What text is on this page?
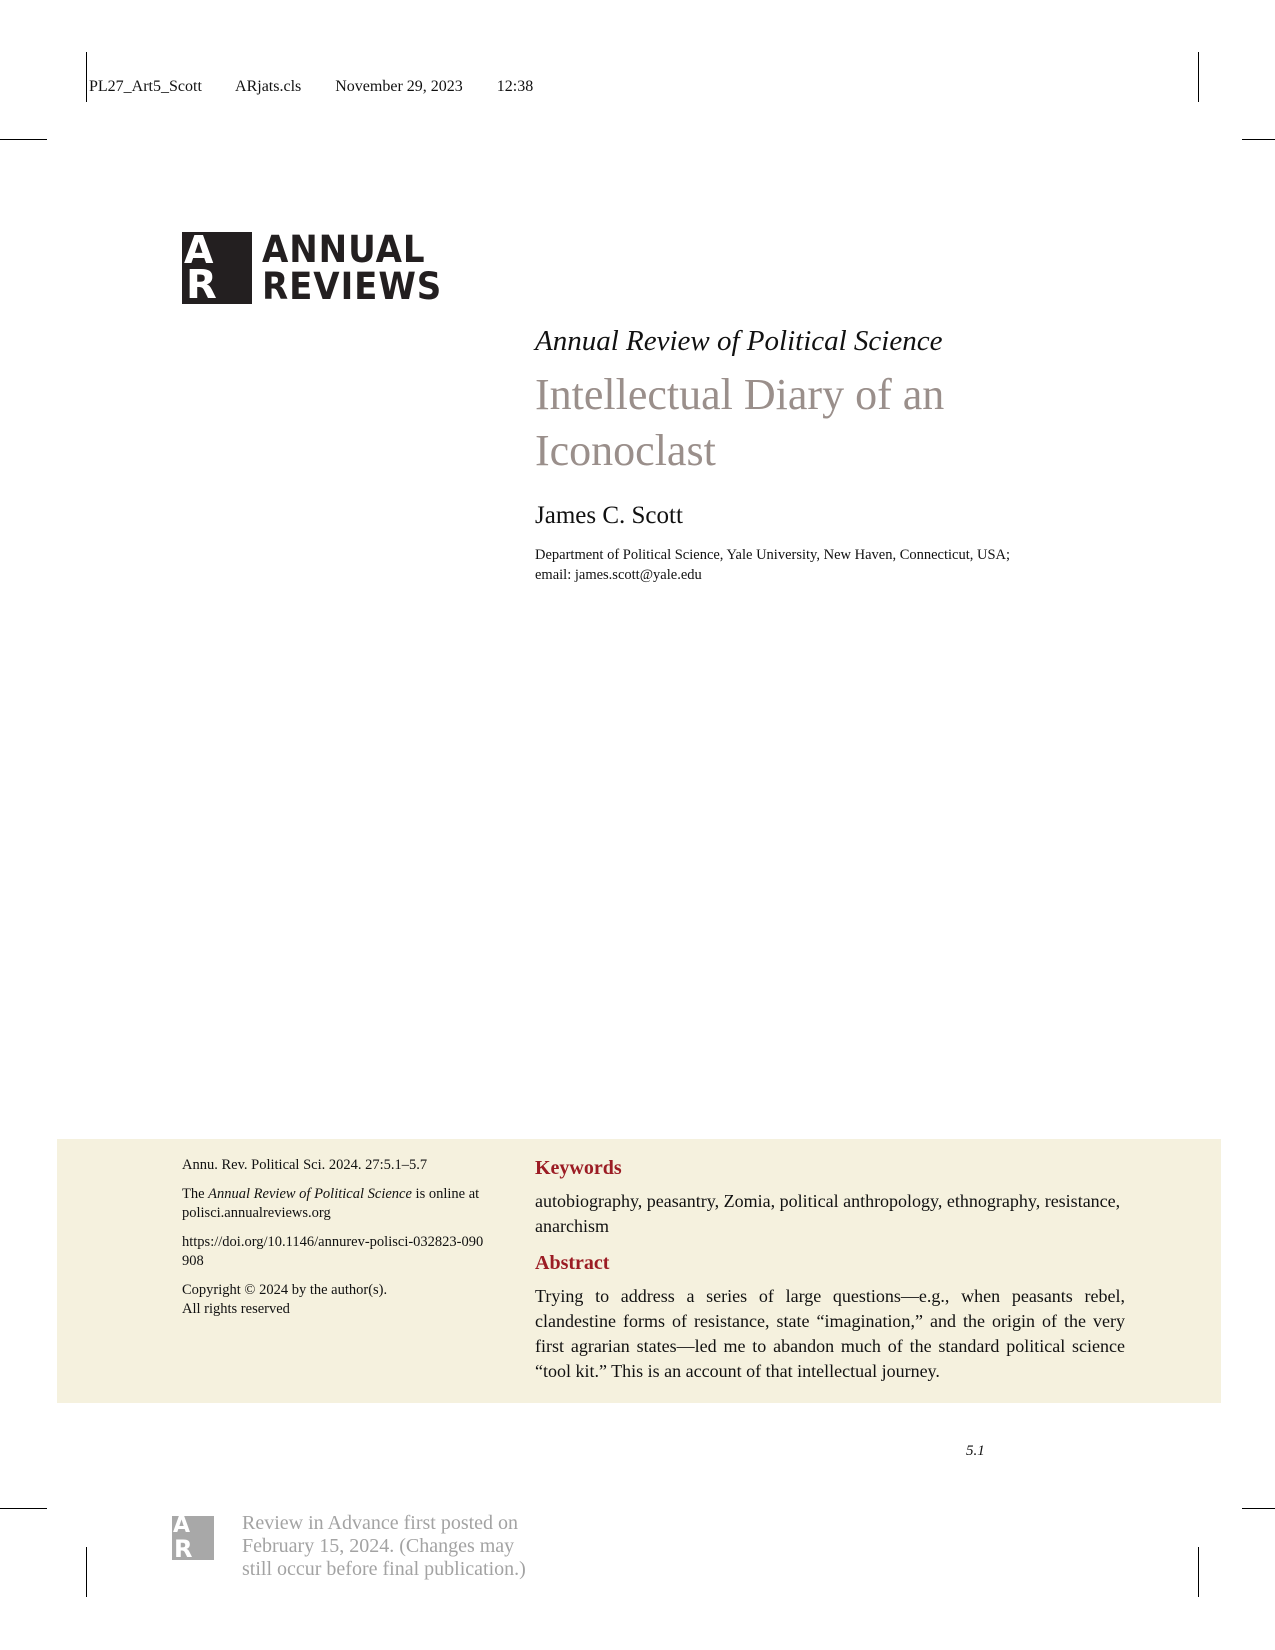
PL27_Art5_Scott ARjats.cls November 29, 2023 12:38
A
R
ANNUAL
REVIEWS
Annual Review of Political Science
Intellectual Diary of an Iconoclast
James C. Scott
Department of Political Science, Yale University, New Haven, Connecticut, USA;
email: james.scott@yale.edu

Annu. Rev. Political Sci. 2024. 27:5.1–5.7

The Annual Review of Political Science is online at polisci.annualreviews.org

https://doi.org/10.1146/annurev-polisci-032823-090908

Copyright © 2024 by the author(s).

All rights reserved

Keywords
autobiography, peasantry, Zomia, political anthropology, ethnography, resistance, anarchism
Abstract
Trying to address a series of large questions—e.g., when peasants rebel, clandestine forms of resistance, state “imagination,” and the origin of the very first agrarian states—led me to abandon much of the standard political science “tool kit.” This is an account of that intellectual journey.
5.1
A
R
Review in Advance first posted on
February 15, 2024. (Changes may
still occur before final publication.)
